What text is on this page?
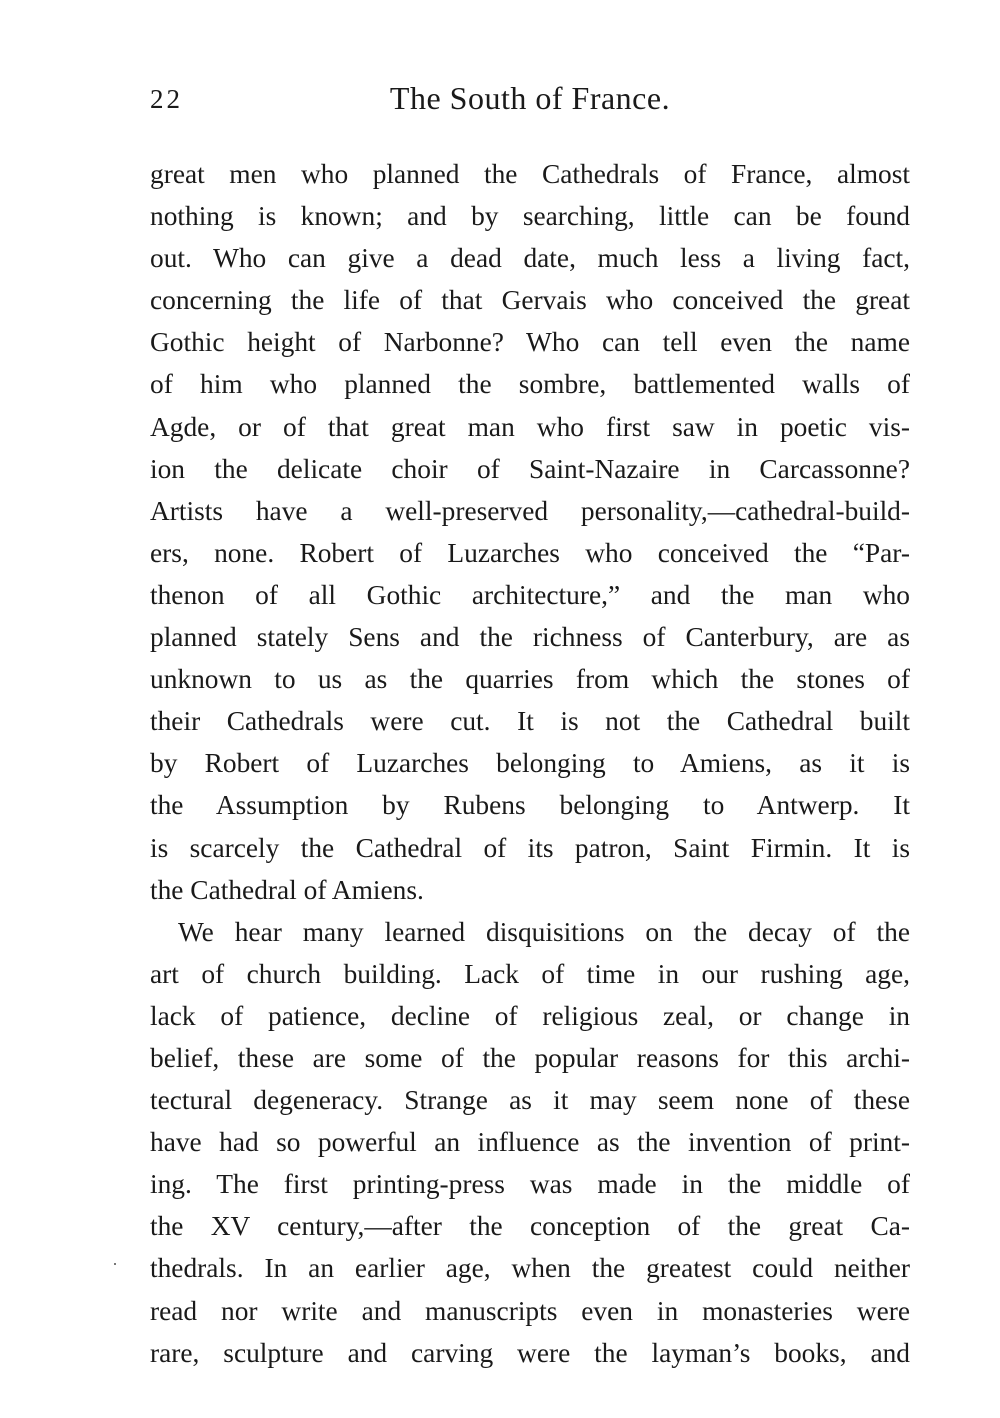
22	The South of France.
great men who planned the Cathedrals of France, almost
nothing is known; and by searching, little can be found
out. Who can give a dead date, much less a living fact,
concerning the life of that Gervais who conceived the great
Gothic height of Narbonne? Who can tell even the name
of him who planned the sombre, battlemented walls of
Agde, or of that great man who first saw in poetic vis-
ion the delicate choir of Saint-Nazaire in Carcassonne?
Artists have a well-preserved personality,—cathedral-build-
ers, none. Robert of Luzarches who conceived the “Par-
thenon of all Gothic architecture,” and the man who
planned stately Sens and the richness of Canterbury, are as
unknown to us as the quarries from which the stones of
their Cathedrals were cut. It is not the Cathedral built
by Robert of Luzarches belonging to Amiens, as it is
the Assumption by Rubens belonging to Antwerp. It
is scarcely the Cathedral of its patron, Saint Firmin. It is
the Cathedral of Amiens.
We hear many learned disquisitions on the decay of the
art of church building. Lack of time in our rushing age,
lack of patience, decline of religious zeal, or change in
belief, these are some of the popular reasons for this archi-
tectural degeneracy. Strange as it may seem none of these
have had so powerful an influence as the invention of print-
ing. The first printing-press was made in the middle of
the XV century,—after the conception of the great Ca-
thedrals. In an earlier age, when the greatest could neither
read nor write and manuscripts even in monasteries were
rare, sculpture and carving were the layman’s books, and
